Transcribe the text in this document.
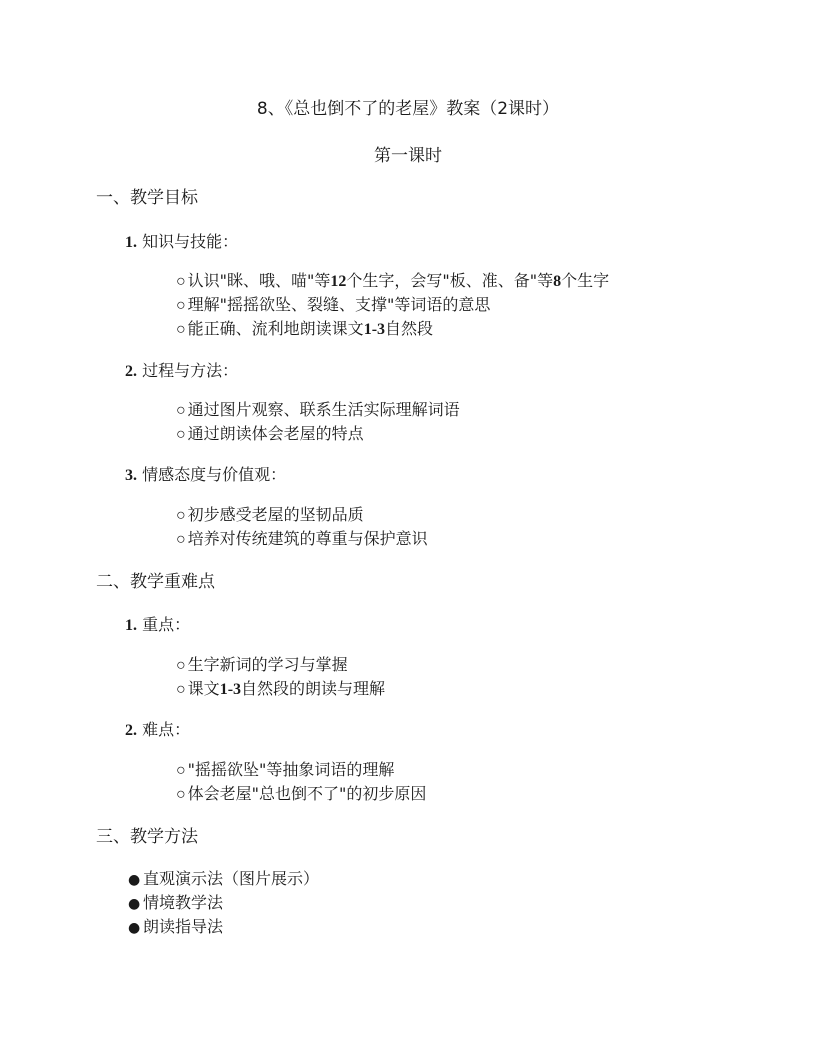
8、《总也倒不了的老屋》教案（2课时）
第一课时
一、教学目标
1. 知识与技能：
○ 认识"眯、哦、喵"等12个生字，会写"板、准、备"等8个生字
○ 理解"摇摇欲坠、裂缝、支撑"等词语的意思
○ 能正确、流利地朗读课文1-3自然段
2. 过程与方法：
○ 通过图片观察、联系生活实际理解词语
○ 通过朗读体会老屋的特点
3. 情感态度与价值观：
○ 初步感受老屋的坚韧品质
○ 培养对传统建筑的尊重与保护意识
二、教学重难点
1. 重点：
○ 生字新词的学习与掌握
○ 课文1-3自然段的朗读与理解
2. 难点：
○ "摇摇欲坠"等抽象词语的理解
○ 体会老屋"总也倒不了"的初步原因
三、教学方法
● 直观演示法（图片展示）
● 情境教学法
● 朗读指导法
